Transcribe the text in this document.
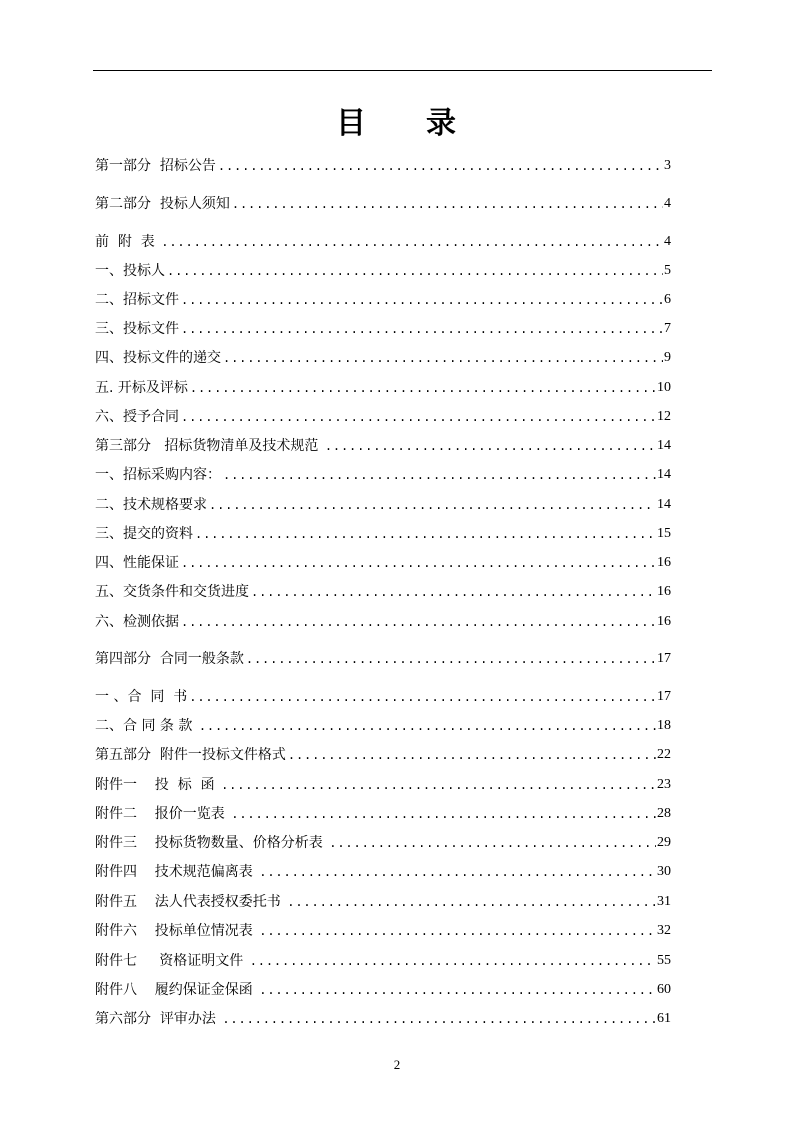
目 录
第一部分  招标公告 .....	3
第二部分  投标人须知 .....	4
前  附  表 .....	4
一、投标人 .....	5
二、招标文件 .....	6
三、投标文件 .....	7
四、投标文件的递交 .....	9
五. 开标及评标 .....	10
六、授予合同 .....	12
第三部分   招标货物清单及技术规范 .....	14
一、招标采购内容： .....	14
二、技术规格要求 .....	14
三、提交的资料 .....	15
四、性能保证 .....	16
五、交货条件和交货进度 .....	16
六、检测依据 .....	16
第四部分  合同一般条款 .....	17
一 、合  同  书 .....	17
二、合 同 条 款 .....	18
第五部分  附件一投标文件格式 .....	22
附件一    投  标  函 .....	23
附件二    报价一览表 .....	28
附件三    投标货物数量、价格分析表 .....	29
附件四    技术规范偏离表 .....	30
附件五    法人代表授权委托书 .....	31
附件六    投标单位情况表 .....	32
附件七     资格证明文件 .....	55
附件八    履约保证金保函 .....	60
第六部分  评审办法 .....	61
2
